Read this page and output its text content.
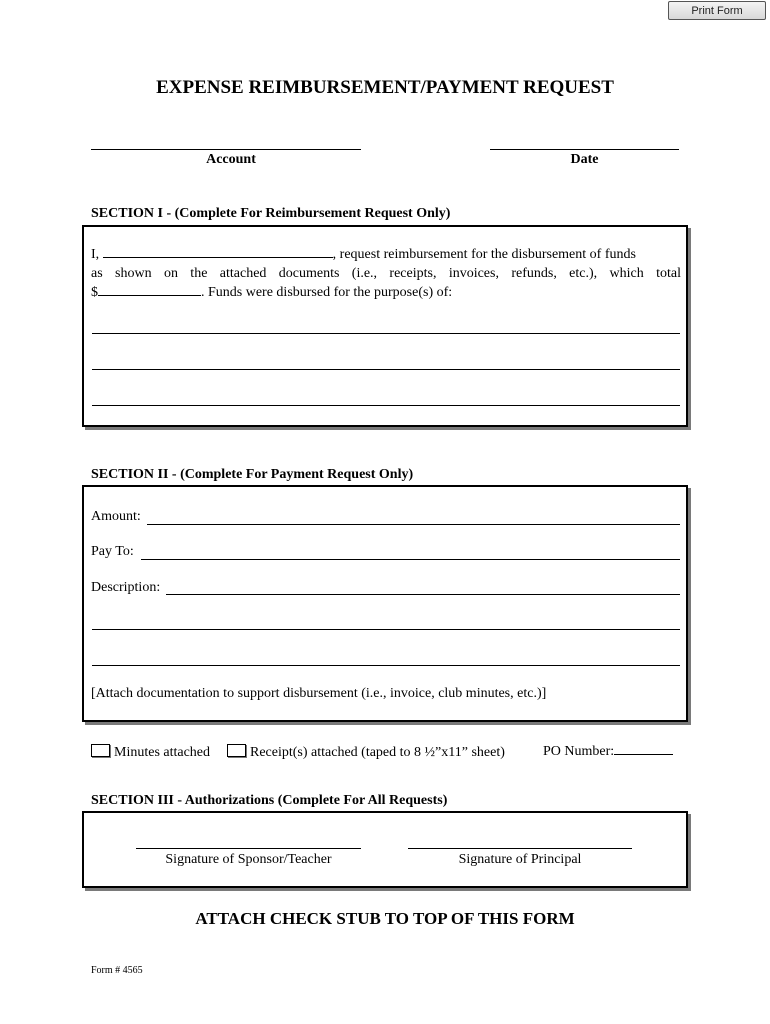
Print Form
EXPENSE REIMBURSEMENT/PAYMENT REQUEST
Account	Date
SECTION I - (Complete For Reimbursement Request Only)
I,	, request reimbursement for the disbursement of funds
as shown on the attached documents (i.e., receipts, invoices, refunds, etc.), which total
$	. Funds were disbursed for the purpose(s) of:
SECTION II - (Complete For Payment Request Only)
Amount:
Pay To:
Description:
[Attach documentation to support disbursement (i.e., invoice, club minutes, etc.)]
Minutes attached	Receipt(s) attached (taped to 8 ½”x11” sheet)	PO Number:
SECTION III - Authorizations (Complete For All Requests)
Signature of Sponsor/Teacher	Signature of Principal
ATTACH CHECK STUB TO TOP OF THIS FORM
Form # 4565
